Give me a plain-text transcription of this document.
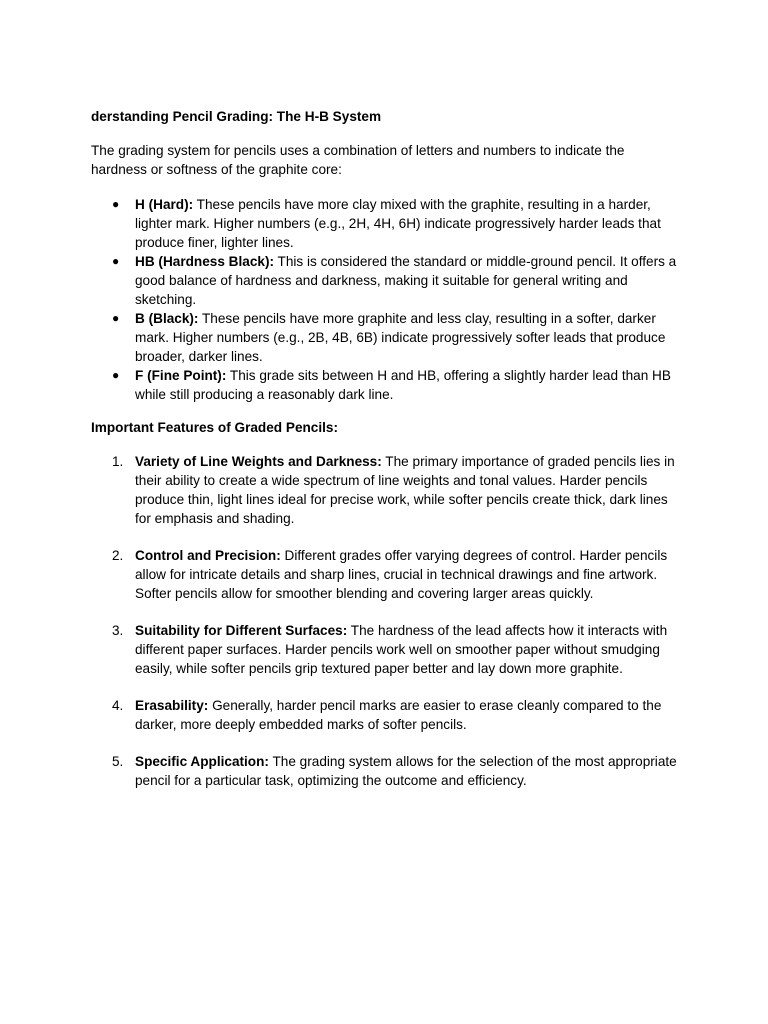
derstanding Pencil Grading: The H-B System

The grading system for pencils uses a combination of letters and numbers to indicate the hardness or softness of the graphite core:

● H (Hard): These pencils have more clay mixed with the graphite, resulting in a harder, lighter mark. Higher numbers (e.g., 2H, 4H, 6H) indicate progressively harder leads that produce finer, lighter lines.
● HB (Hardness Black): This is considered the standard or middle-ground pencil. It offers a good balance of hardness and darkness, making it suitable for general writing and sketching.
● B (Black): These pencils have more graphite and less clay, resulting in a softer, darker mark. Higher numbers (e.g., 2B, 4B, 6B) indicate progressively softer leads that produce broader, darker lines.
● F (Fine Point): This grade sits between H and HB, offering a slightly harder lead than HB while still producing a reasonably dark line.

Important Features of Graded Pencils:

1. Variety of Line Weights and Darkness: The primary importance of graded pencils lies in their ability to create a wide spectrum of line weights and tonal values. Harder pencils produce thin, light lines ideal for precise work, while softer pencils create thick, dark lines for emphasis and shading.
2. Control and Precision: Different grades offer varying degrees of control. Harder pencils allow for intricate details and sharp lines, crucial in technical drawings and fine artwork. Softer pencils allow for smoother blending and covering larger areas quickly.
3. Suitability for Different Surfaces: The hardness of the lead affects how it interacts with different paper surfaces. Harder pencils work well on smoother paper without smudging easily, while softer pencils grip textured paper better and lay down more graphite.
4. Erasability: Generally, harder pencil marks are easier to erase cleanly compared to the darker, more deeply embedded marks of softer pencils.
5. Specific Application: The grading system allows for the selection of the most appropriate pencil for a particular task, optimizing the outcome and efficiency.
